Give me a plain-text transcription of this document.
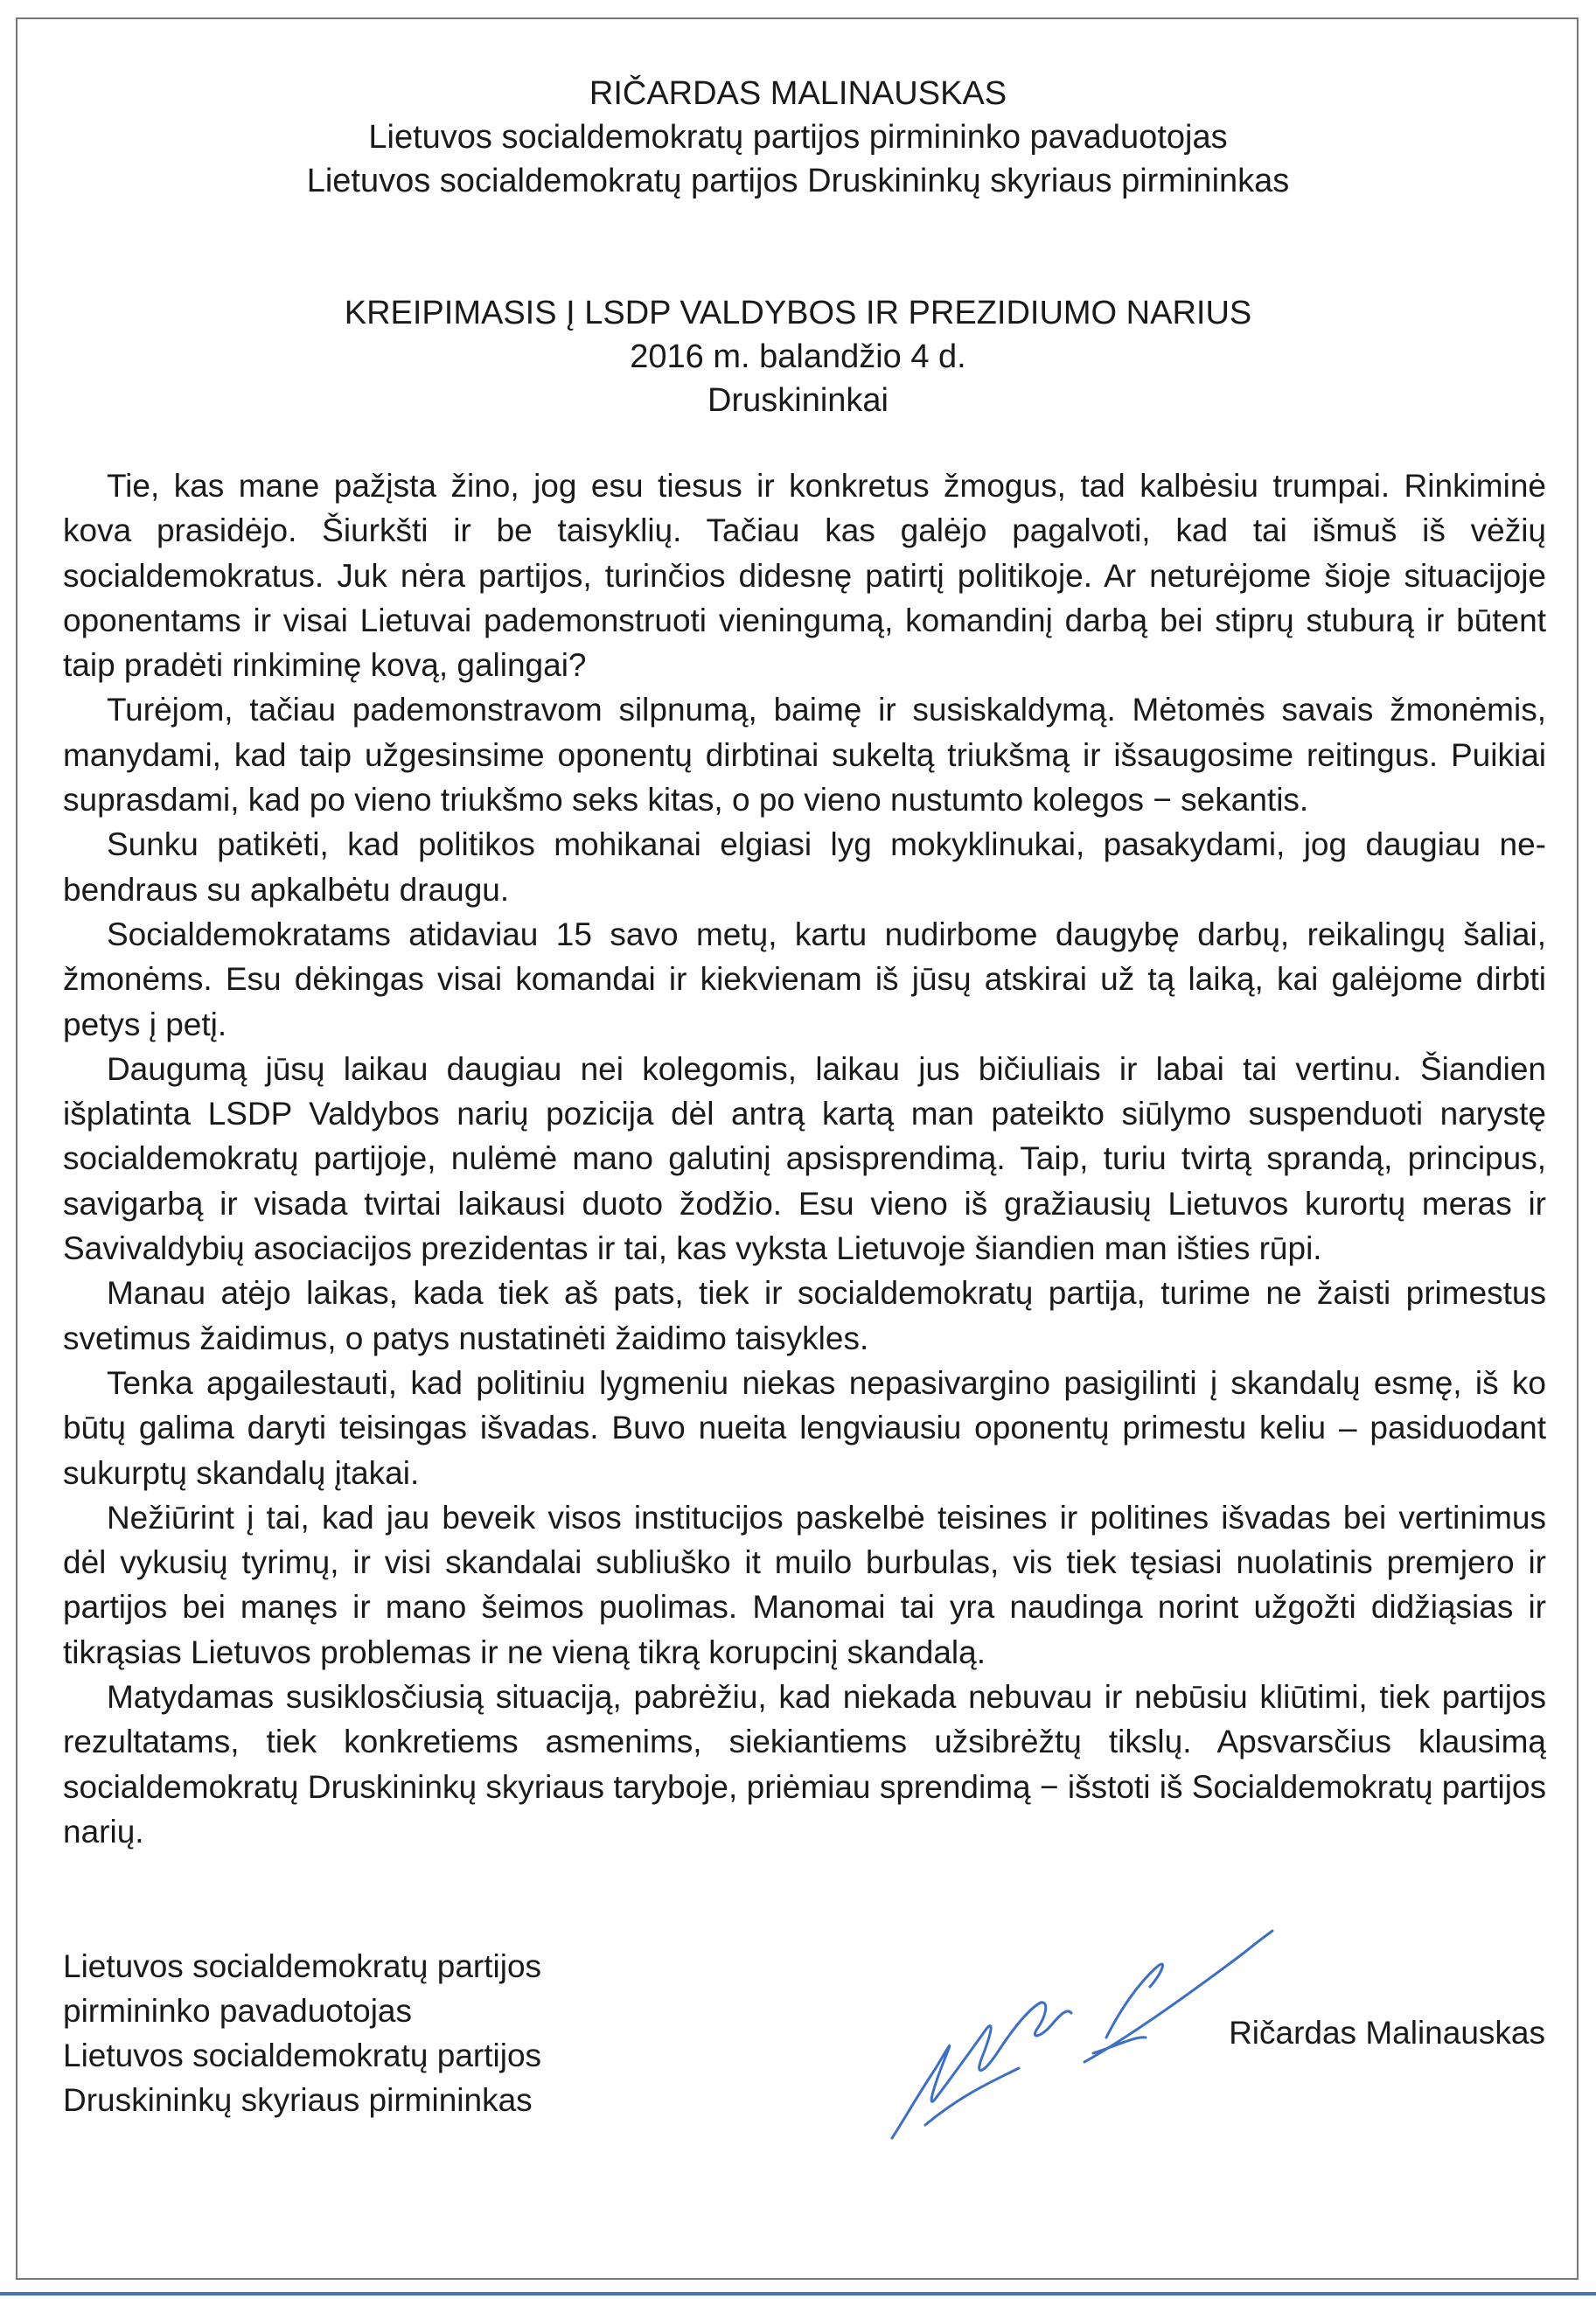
RIČARDAS MALINAUSKAS
Lietuvos socialdemokratų partijos pirmininko pavaduotojas
Lietuvos socialdemokratų partijos Druskininkų skyriaus pirmininkas
KREIPIMASIS Į LSDP VALDYBOS IR PREZIDIUMO NARIUS
2016 m. balandžio 4 d.
Druskininkai

Tie, kas mane pažįsta žino, jog esu tiesus ir konkretus žmogus, tad kalbėsiu trumpai. Rinkiminė kova prasidėjo. Šiurkšti ir be taisyklių. Tačiau kas galėjo pagalvoti, kad tai išmuš iš vėžių socialdemokratus. Juk nėra partijos, turinčios didesnę patirtį politikoje. Ar neturėjome šioje situacijoje oponentams ir visai Lietuvai pademonstruoti vieningumą, komandinį darbą bei stiprų stuburą ir būtent taip pradėti rinkiminę kovą, galingai?

Turėjom, tačiau pademonstravom silpnumą, baimę ir susiskaldymą. Mėtomės savais žmonėmis, manydami, kad taip užgesinsime oponentų dirbtinai sukeltą triukšmą ir išsaugosime reitingus. Puikiai suprasdami, kad po vieno triukšmo seks kitas, o po vieno nustumto kolegos − sekantis.

Sunku patikėti, kad politikos mohikanai elgiasi lyg mokyklinukai, pasakydami, jog daugiau nebendraus su apkalbėtu draugu.

Socialdemokratams atidaviau 15 savo metų, kartu nudirbome daugybę darbų, reikalingų šaliai, žmonėms. Esu dėkingas visai komandai ir kiekvienam iš jūsų atskirai už tą laiką, kai galėjome dirbti petys į petį.

Daugumą jūsų laikau daugiau nei kolegomis, laikau jus bičiuliais ir labai tai vertinu. Šiandien išplatinta LSDP Valdybos narių pozicija dėl antrą kartą man pateikto siūlymo suspenduoti narystę socialdemokratų partijoje, nulėmė mano galutinį apsisprendimą. Taip, turiu tvirtą sprandą, principus, savigarbą ir visada tvirtai laikausi duoto žodžio. Esu vieno iš gražiausių Lietuvos kurortų meras ir Savivaldybių asociacijos prezidentas ir tai, kas vyksta Lietuvoje šiandien man išties rūpi.

Manau atėjo laikas, kada tiek aš pats, tiek ir socialdemokratų partija, turime ne žaisti primestus svetimus žaidimus, o patys nustatinėti žaidimo taisykles.

Tenka apgailestauti, kad politiniu lygmeniu niekas nepasivargino pasigilinti į skandalų esmę, iš ko būtų galima daryti teisingas išvadas. Buvo nueita lengviausiu oponentų primestu keliu – pasiduodant sukurptų skandalų įtakai.

Nežiūrint į tai, kad jau beveik visos institucijos paskelbė teisines ir politines išvadas bei vertinimus dėl vykusių tyrimų, ir visi skandalai subliuško it muilo burbulas, vis tiek tęsiasi nuolatinis premjero ir partijos bei manęs ir mano šeimos puolimas. Manomai tai yra naudinga norint užgožti didžiąsias ir tikrąsias Lietuvos problemas ir ne vieną tikrą korupcinį skandalą.

Matydamas susiklosčiusią situaciją, pabrėžiu, kad niekada nebuvau ir nebūsiu kliūtimi, tiek partijos rezultatams, tiek konkretiems asmenims, siekiantiems užsibrėžtų tikslų. Apsvarsčius klausimą socialdemokratų Druskininkų skyriaus taryboje, priėmiau sprendimą − išstoti iš Socialdemokratų partijos narių.

Lietuvos socialdemokratų partijos
pirmininko pavaduotojas
Lietuvos socialdemokratų partijos
Druskininkų skyriaus pirmininkas
Ričardas Malinauskas
